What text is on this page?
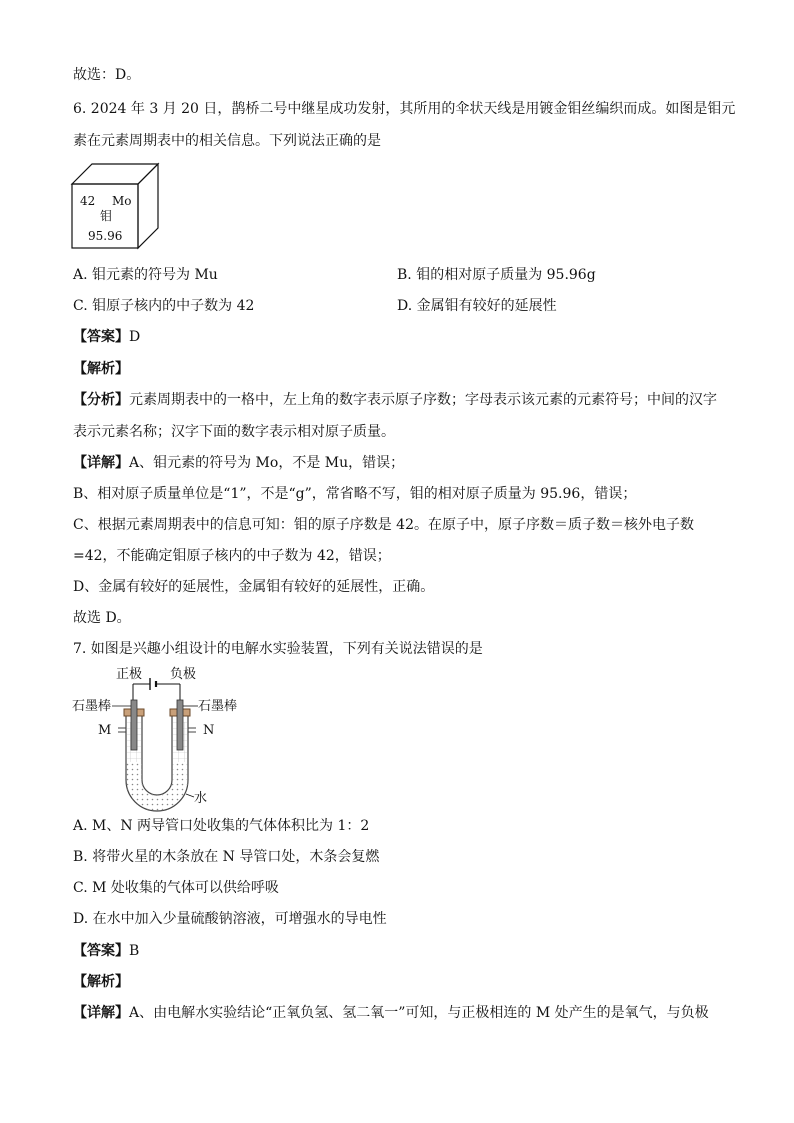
故选：D。
6. 2024 年 3 月 20 日，鹊桥二号中继星成功发射，其所用的伞状天线是用镀金钼丝编织而成。如图是钼元
素在元素周期表中的相关信息。下列说法正确的是
42 Mo
钼
95.96
A. 钼元素的符号为 Mu	B. 钼的相对原子质量为 95.96g
C. 钼原子核内的中子数为 42	D. 金属钼有较好的延展性
【答案】D
【解析】
【分析】元素周期表中的一格中，左上角的数字表示原子序数；字母表示该元素的元素符号；中间的汉字
表示元素名称；汉字下面的数字表示相对原子质量。
【详解】A、钼元素的符号为 Mo，不是 Mu，错误；
B、相对原子质量单位是“1”，不是“g”，常省略不写，钼的相对原子质量为 95.96，错误；
C、根据元素周期表中的信息可知：钼的原子序数是 42。在原子中，原子序数＝质子数＝核外电子数
=42，不能确定钼原子核内的中子数为 42，错误；
D、金属有较好的延展性，金属钼有较好的延展性，正确。
故选 D。
7. 如图是兴趣小组设计的电解水实验装置，下列有关说法错误的是
正极 负极
石墨棒	石墨棒
M	N
水
A. M、N 两导管口处收集的气体体积比为 1：2
B. 将带火星的木条放在 N 导管口处，木条会复燃
C. M 处收集的气体可以供给呼吸
D. 在水中加入少量硫酸钠溶液，可增强水的导电性
【答案】B
【解析】
【详解】A、由电解水实验结论“正氧负氢、氢二氧一”可知，与正极相连的 M 处产生的是氧气，与负极
